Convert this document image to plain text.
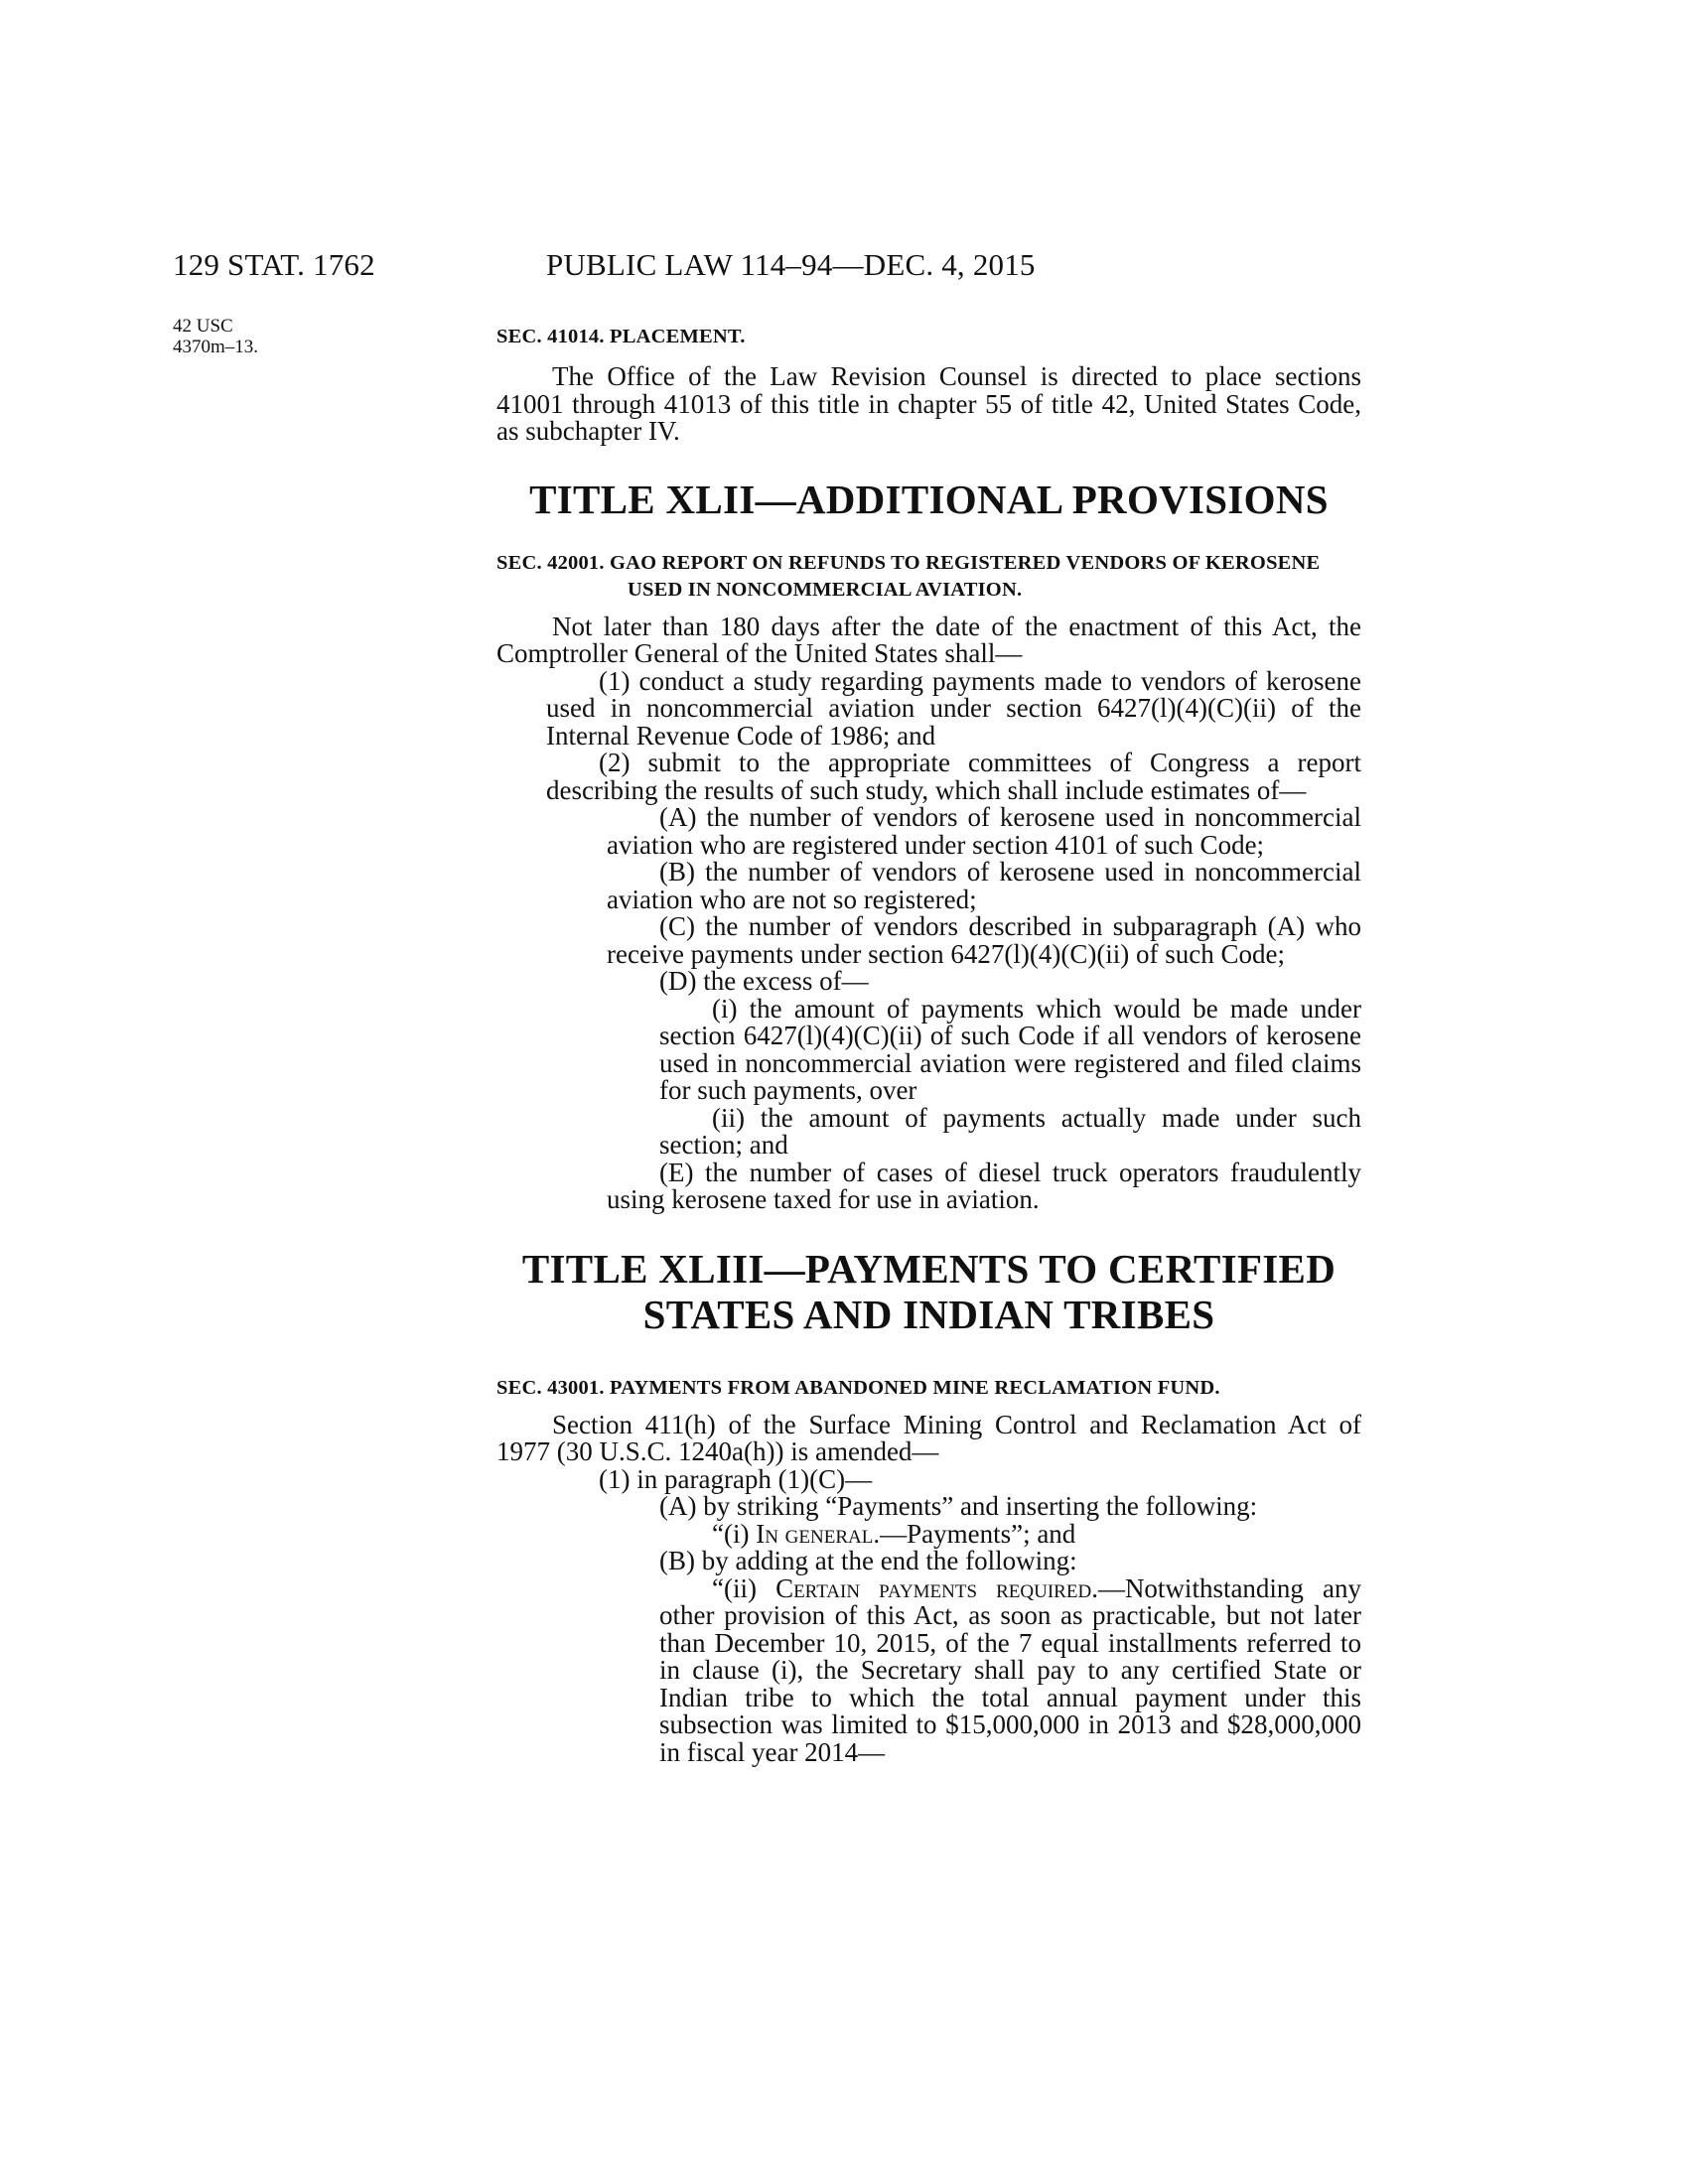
129 STAT. 1762	PUBLIC LAW 114–94—DEC. 4, 2015
42 USC
4370m–13.	SEC. 41014. PLACEMENT.

The Office of the Law Revision Counsel is directed to place sections 41001 through 41013 of this title in chapter 55 of title 42, United States Code, as subchapter IV.

TITLE XLII—ADDITIONAL PROVISIONS

SEC. 42001. GAO REPORT ON REFUNDS TO REGISTERED VENDORS OF KEROSENE USED IN NONCOMMERCIAL AVIATION.

Not later than 180 days after the date of the enactment of this Act, the Comptroller General of the United States shall—

(1) conduct a study regarding payments made to vendors of kerosene used in noncommercial aviation under section 6427(l)(4)(C)(ii) of the Internal Revenue Code of 1986; and

(2) submit to the appropriate committees of Congress a report describing the results of such study, which shall include estimates of—

(A) the number of vendors of kerosene used in noncommercial aviation who are registered under section 4101 of such Code;

(B) the number of vendors of kerosene used in noncommercial aviation who are not so registered;

(C) the number of vendors described in subparagraph (A) who receive payments under section 6427(l)(4)(C)(ii) of such Code;

(D) the excess of—

(i) the amount of payments which would be made under section 6427(l)(4)(C)(ii) of such Code if all vendors of kerosene used in noncommercial aviation were registered and filed claims for such payments, over

(ii) the amount of payments actually made under such section; and

(E) the number of cases of diesel truck operators fraudulently using kerosene taxed for use in aviation.

TITLE XLIII—PAYMENTS TO CERTIFIED

STATES AND INDIAN TRIBES

SEC. 43001. PAYMENTS FROM ABANDONED MINE RECLAMATION FUND.

Section 411(h) of the Surface Mining Control and Reclamation Act of 1977 (30 U.S.C. 1240a(h)) is amended—

(1) in paragraph (1)(C)—

(A) by striking “Payments” and inserting the following:

“(i) In general.—Payments”; and

(B) by adding at the end the following:

“(ii) Certain payments required.—Notwithstanding any other provision of this Act, as soon as practicable, but not later than December 10, 2015, of the 7 equal installments referred to in clause (i), the Secretary shall pay to any certified State or Indian tribe to which the total annual payment under this subsection was limited to $15,000,000 in 2013 and $28,000,000 in fiscal year 2014—
